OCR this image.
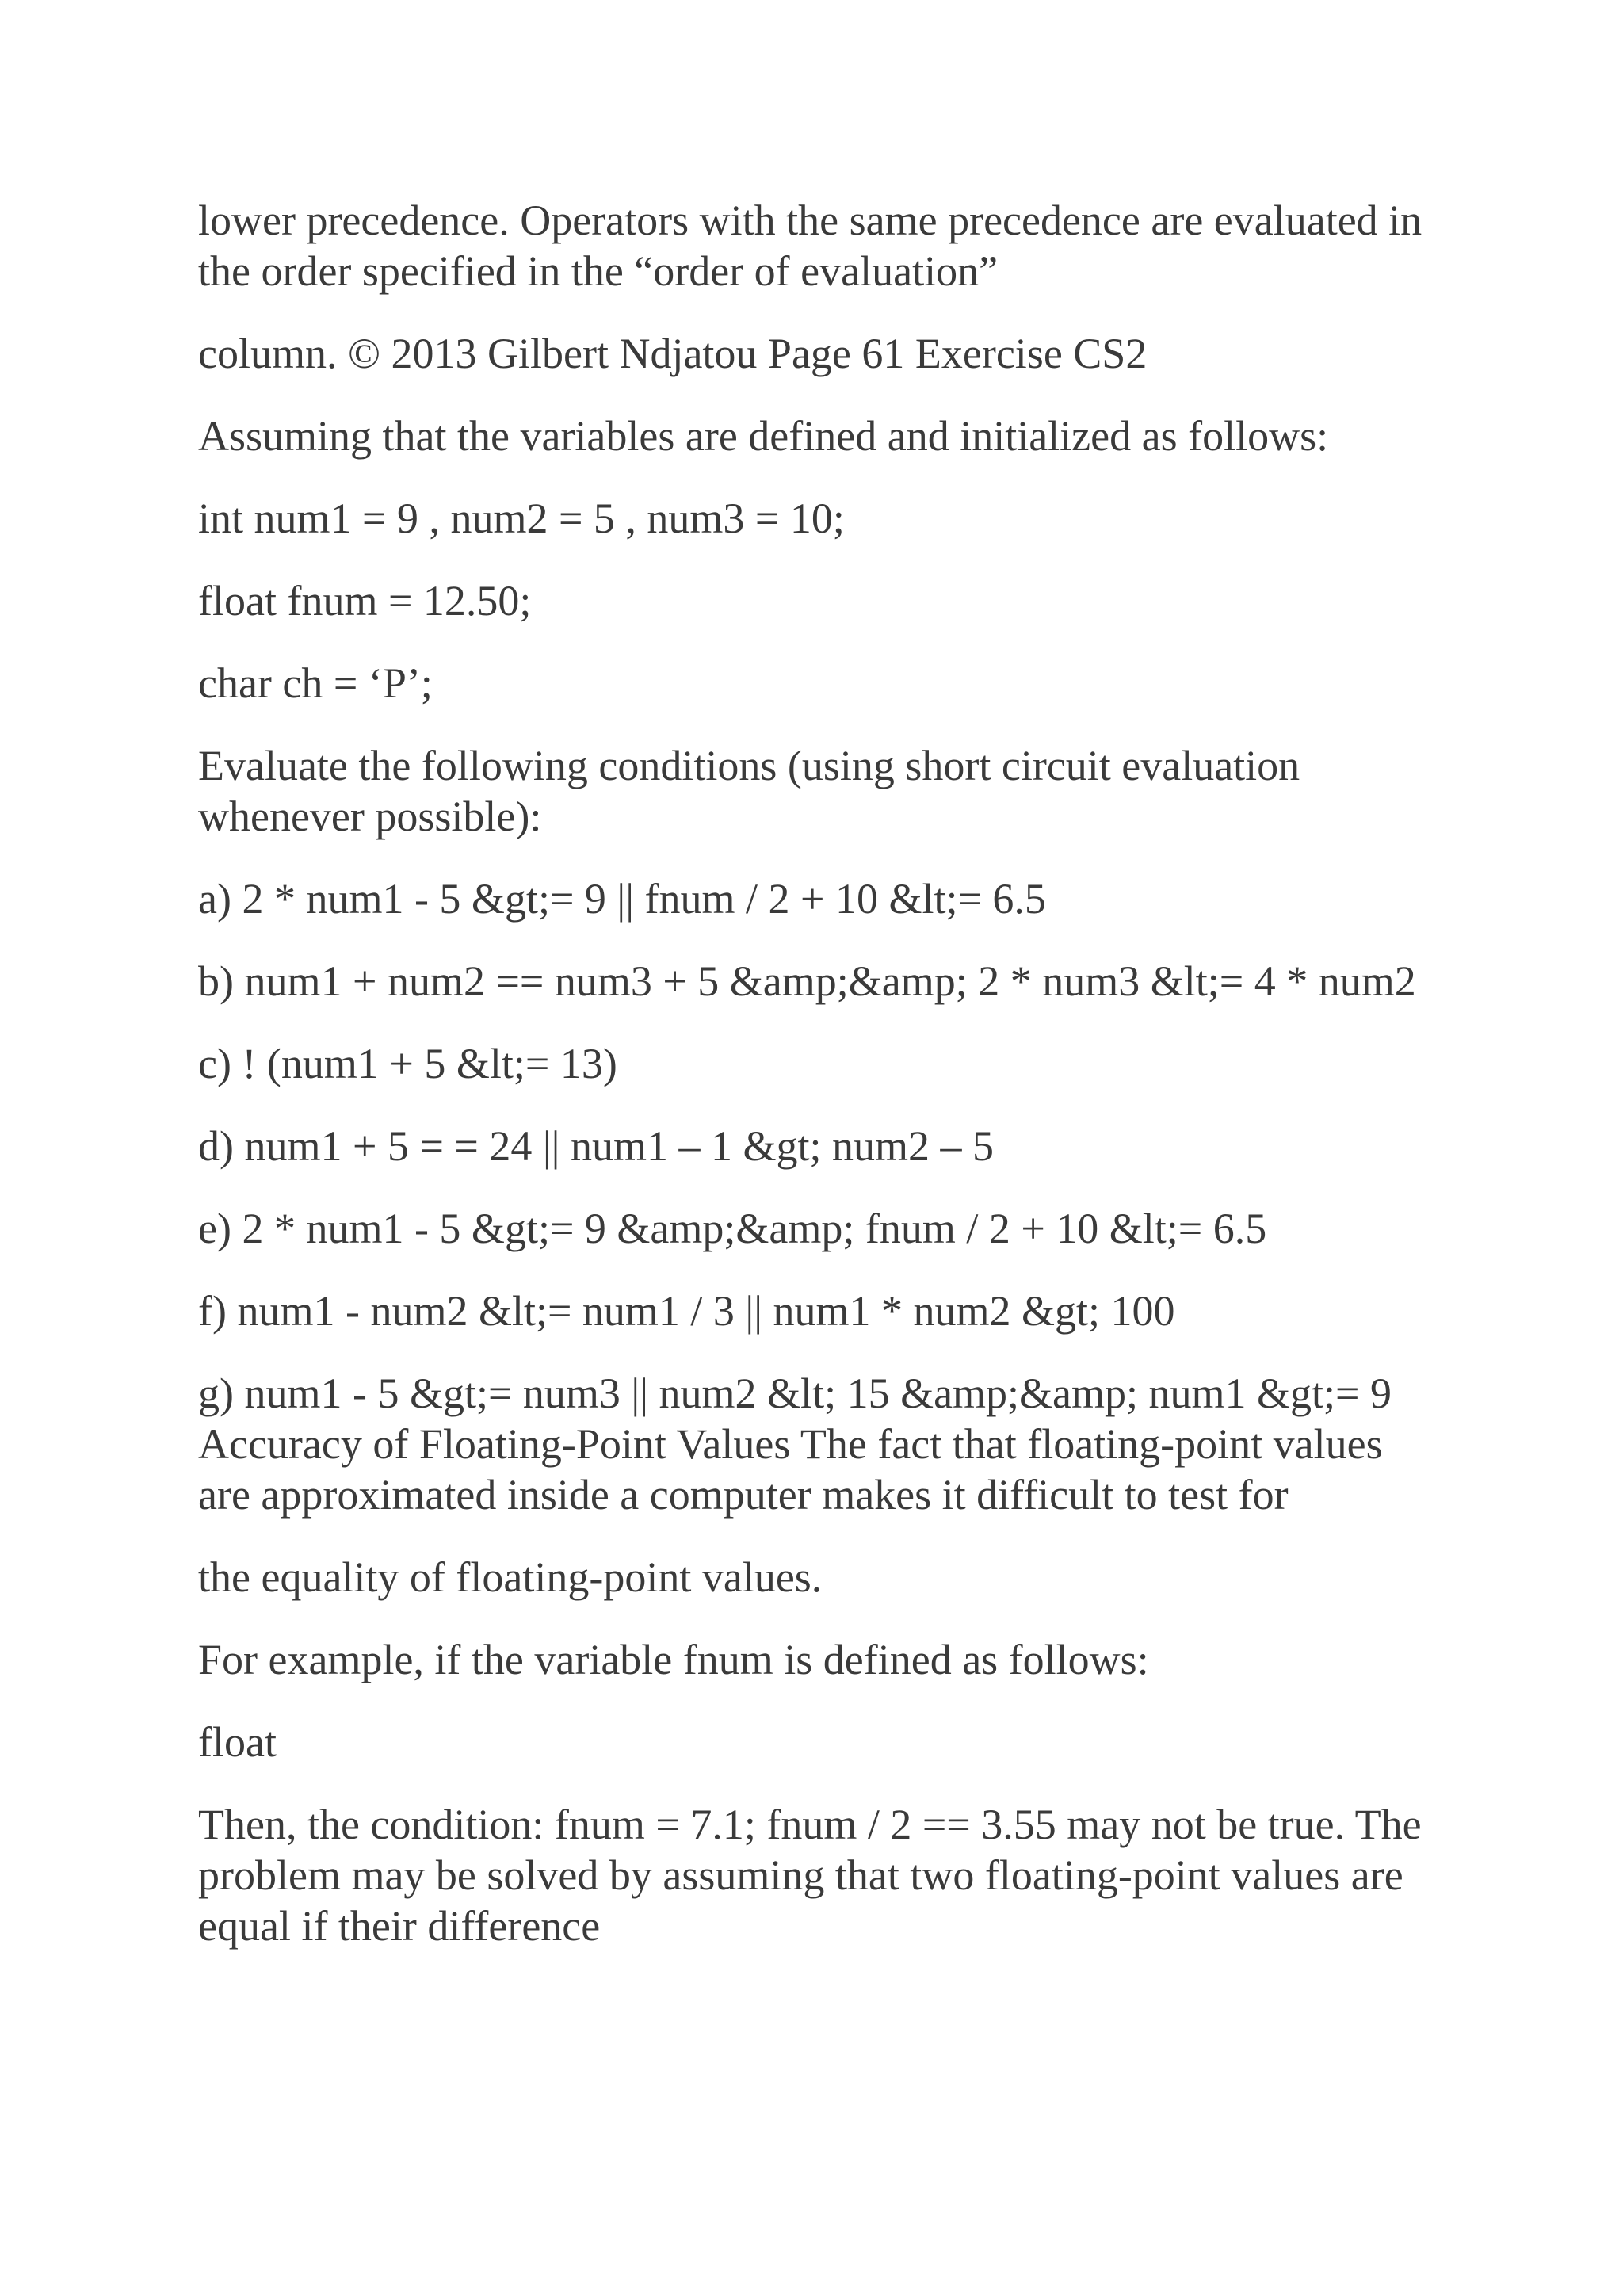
lower precedence. Operators with the same precedence are evaluated in the order specified in the “order of evaluation”

column. © 2013 Gilbert Ndjatou Page 61 Exercise CS2

Assuming that the variables are defined and initialized as follows:

int num1 = 9 , num2 = 5 , num3 = 10;

float fnum = 12.50;

char ch = ‘P’;

Evaluate the following conditions (using short circuit evaluation whenever possible):

a) 2 * num1 - 5 &gt;= 9 || fnum / 2 + 10 &lt;= 6.5

b) num1 + num2 == num3 + 5 &amp;&amp; 2 * num3 &lt;= 4 * num2

c) ! (num1 + 5 &lt;= 13)

d) num1 + 5 = = 24 || num1 – 1 &gt; num2 – 5

e) 2 * num1 - 5 &gt;= 9 &amp;&amp; fnum / 2 + 10 &lt;= 6.5

f) num1 - num2 &lt;= num1 / 3 || num1 * num2 &gt; 100

g) num1 - 5 &gt;= num3 || num2 &lt; 15 &amp;&amp; num1 &gt;= 9

Accuracy of Floating-Point Values The fact that floating-point values are approximated inside a computer makes it difficult to test for

the equality of floating-point values.

For example, if the variable fnum is defined as follows:

float

Then, the condition: fnum = 7.1; fnum / 2 == 3.55 may not be true. The problem may be solved by assuming that two floating-point values are equal if their difference
